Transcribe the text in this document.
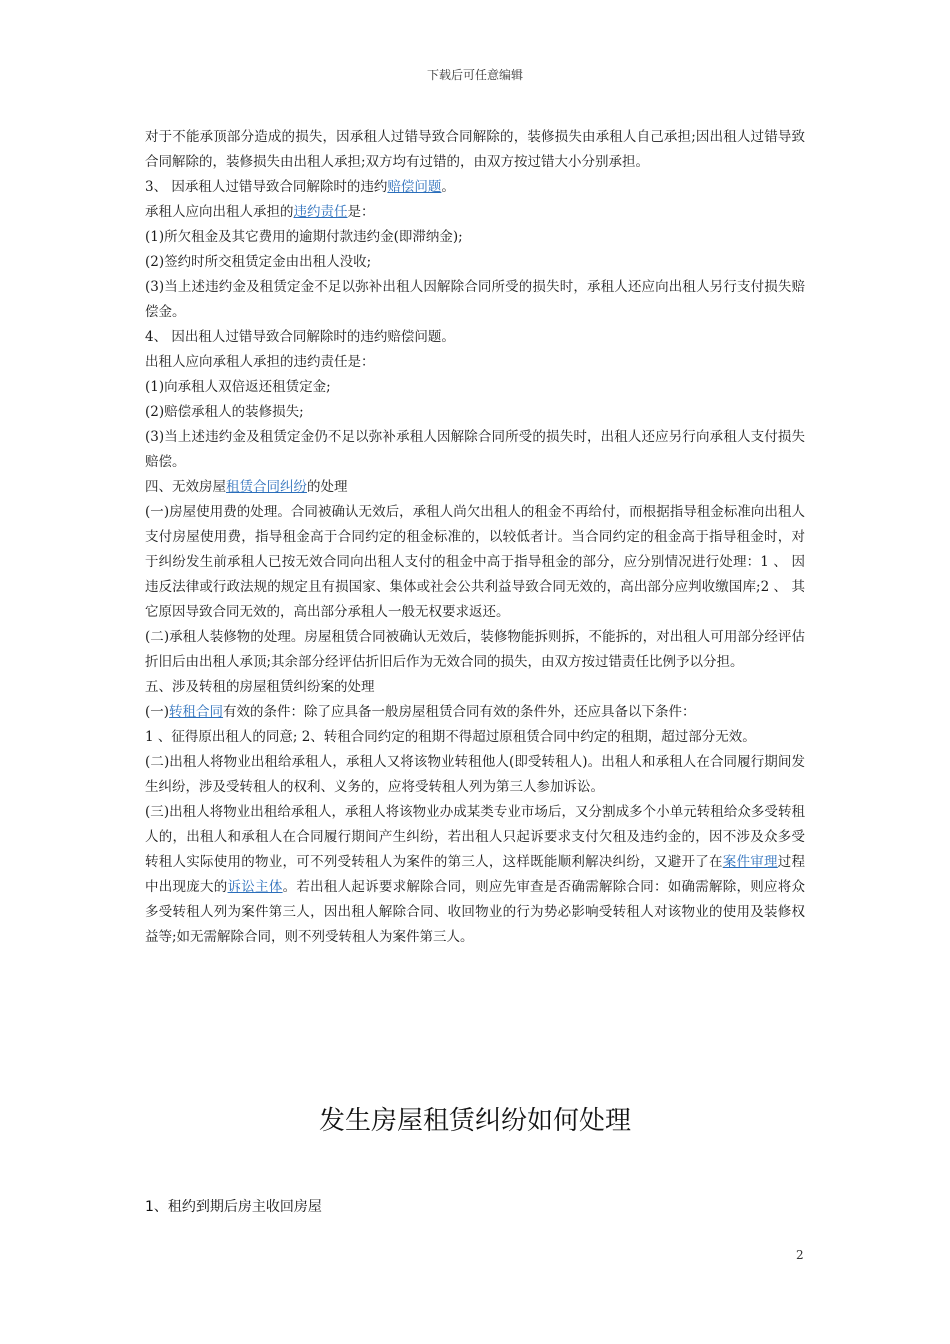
下载后可任意编辑

对于不能承顶部分造成的损失，因承租人过错导致合同解除的，装修损失由承租人自己承担;因出租人过错导致合同解除的，装修损失由出租人承担;双方均有过错的，由双方按过错大小分别承担。

3、 因承租人过错导致合同解除时的违约赔偿问题。

承租人应向出租人承担的违约责任是：

(1)所欠租金及其它费用的逾期付款违约金(即滞纳金);

(2)签约时所交租赁定金由出租人没收;

(3)当上述违约金及租赁定金不足以弥补出租人因解除合同所受的损失时，承租人还应向出租人另行支付损失赔偿金。

4、 因出租人过错导致合同解除时的违约赔偿问题。

出租人应向承租人承担的违约责任是：

(1)向承租人双倍返还租赁定金;

(2)赔偿承租人的装修损失;

(3)当上述违约金及租赁定金仍不足以弥补承租人因解除合同所受的损失时，出租人还应另行向承租人支付损失赔偿。

四、无效房屋租赁合同纠纷的处理

(一)房屋使用费的处理。合同被确认无效后，承租人尚欠出租人的租金不再给付，而根据指导租金标准向出租人支付房屋使用费，指导租金高于合同约定的租金标准的，以较低者计。当合同约定的租金高于指导租金时，对于纠纷发生前承租人已按无效合同向出租人支付的租金中高于指导租金的部分，应分别情况进行处理：1 、 因违反法律或行政法规的规定且有损国家、集体或社会公共利益导致合同无效的，高出部分应判收缴国库;2 、 其它原因导致合同无效的，高出部分承租人一般无权要求返还。

(二)承租人装修物的处理。房屋租赁合同被确认无效后，装修物能拆则拆，不能拆的，对出租人可用部分经评估折旧后由出租人承顶;其余部分经评估折旧后作为无效合同的损失，由双方按过错责任比例予以分担。

五、涉及转租的房屋租赁纠纷案的处理

(一)转租合同有效的条件：除了应具备一般房屋租赁合同有效的条件外，还应具备以下条件：

1 、征得原出租人的同意; 2、转租合同约定的租期不得超过原租赁合同中约定的租期，超过部分无效。

(二)出租人将物业出租给承租人，承租人又将该物业转租他人(即受转租人)。出租人和承租人在合同履行期间发生纠纷，涉及受转租人的权利、义务的，应将受转租人列为第三人参加诉讼。

(三)出租人将物业出租给承租人，承租人将该物业办成某类专业市场后，又分割成多个小单元转租给众多受转租人的，出租人和承租人在合同履行期间产生纠纷，若出租人只起诉要求支付欠租及违约金的，因不涉及众多受转租人实际使用的物业，可不列受转租人为案件的第三人，这样既能顺利解决纠纷，又避开了在案件审理过程中出现庞大的诉讼主体。若出租人起诉要求解除合同，则应先审查是否确需解除合同：如确需解除，则应将众多受转租人列为案件第三人，因出租人解除合同、收回物业的行为势必影响受转租人对该物业的使用及装修权益等;如无需解除合同，则不列受转租人为案件第三人。

发生房屋租赁纠纷如何处理
1、租约到期后房主收回房屋
2
